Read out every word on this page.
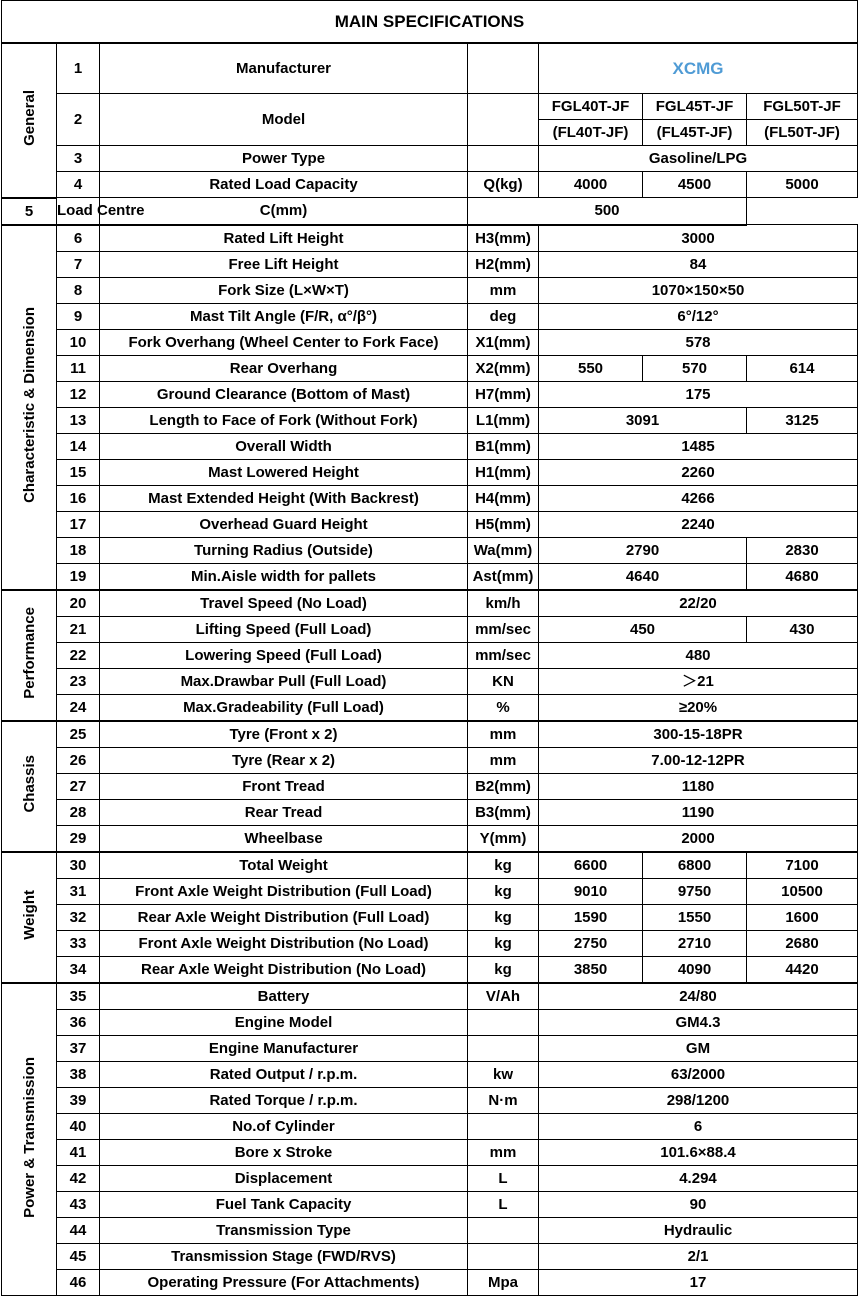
MAIN SPECIFICATIONS						
General	1	Manufacturer		XCMG		
	2	Model		FGL40T-JF	FGL45T-JF	FGL50T-JF
				(FL40T-JF)	(FL45T-JF)	(FL50T-JF)
	3	Power Type		Gasoline/LPG		
	4	Rated Load Capacity	Q(kg)	4000	4500	5000
5	Load Centre	C(mm)	500			
Characteristic & Dimension	6	Rated Lift Height	H3(mm)	3000		
	7	Free Lift Height	H2(mm)	84		
	8	Fork Size (L×W×T)	mm	1070×150×50		
	9	Mast Tilt Angle (F/R, α°/β°)	deg	6°/12°		
	10	Fork Overhang (Wheel Center to Fork Face)	X1(mm)	578		
	11	Rear Overhang	X2(mm)	550	570	614
	12	Ground Clearance (Bottom of Mast)	H7(mm)	175		
	13	Length to Face of Fork (Without Fork)	L1(mm)	3091		3125
	14	Overall Width	B1(mm)	1485		
	15	Mast Lowered Height	H1(mm)	2260		
	16	Mast Extended Height (With Backrest)	H4(mm)	4266		
	17	Overhead Guard Height	H5(mm)	2240		
	18	Turning Radius (Outside)	Wa(mm)	2790		2830
	19	Min.Aisle width for pallets	Ast(mm)	4640		4680
Performance	20	Travel Speed (No Load)	km/h	22/20		
	21	Lifting Speed (Full Load)	mm/sec	450		430
	22	Lowering Speed (Full Load)	mm/sec	480		
	23	Max.Drawbar Pull (Full Load)	KN	＞21		
	24	Max.Gradeability (Full Load)	%	≥20%		
Chassis	25	Tyre (Front x 2)	mm	300-15-18PR		
	26	Tyre (Rear x 2)	mm	7.00-12-12PR		
	27	Front Tread	B2(mm)	1180		
	28	Rear Tread	B3(mm)	1190		
	29	Wheelbase	Y(mm)	2000		
Weight	30	Total Weight	kg	6600	6800	7100
	31	Front Axle Weight Distribution (Full Load)	kg	9010	9750	10500
	32	Rear Axle Weight Distribution (Full Load)	kg	1590	1550	1600
	33	Front Axle Weight Distribution (No Load)	kg	2750	2710	2680
	34	Rear Axle Weight Distribution (No Load)	kg	3850	4090	4420
Power & Transmission	35	Battery	V/Ah	24/80		
	36	Engine Model		GM4.3		
	37	Engine Manufacturer		GM		
	38	Rated Output / r.p.m.	kw	63/2000		
	39	Rated Torque / r.p.m.	N·m	298/1200		
	40	No.of Cylinder		6		
	41	Bore x Stroke	mm	101.6×88.4		
	42	Displacement	L	4.294		
	43	Fuel Tank Capacity	L	90		
	44	Transmission Type		Hydraulic		
	45	Transmission Stage (FWD/RVS)		2/1		
	46	Operating Pressure (For Attachments)	Mpa	17		
